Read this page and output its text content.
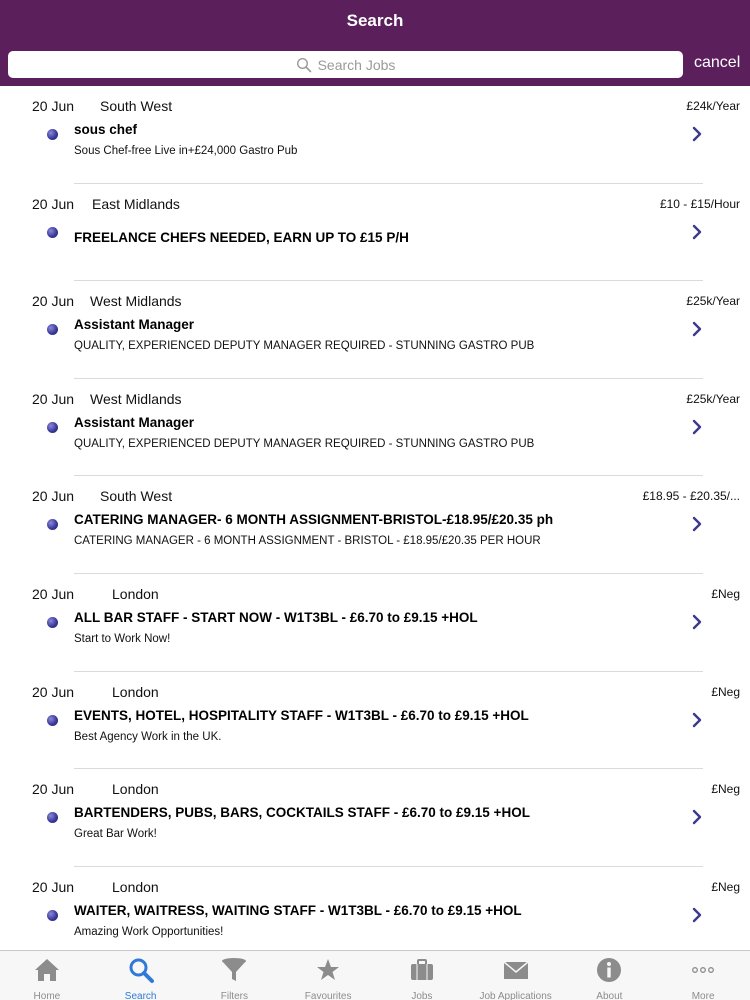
Search
Search Jobs	cancel
20 Jun South West	£24k/Year
sous chef
Sous Chef-free Live in+£24,000 Gastro Pub
20 Jun East Midlands	£10 - £15/Hour
FREELANCE CHEFS NEEDED, EARN UP TO £15 P/H
20 Jun West Midlands	£25k/Year
Assistant Manager
QUALITY, EXPERIENCED DEPUTY MANAGER REQUIRED - STUNNING GASTRO PUB
20 Jun West Midlands	£25k/Year
Assistant Manager
QUALITY, EXPERIENCED DEPUTY MANAGER REQUIRED - STUNNING GASTRO PUB
20 Jun South West	£18.95 - £20.35/...
CATERING MANAGER- 6 MONTH ASSIGNMENT-BRISTOL-£18.95/£20.35 ph
CATERING MANAGER - 6 MONTH ASSIGNMENT - BRISTOL - £18.95/£20.35 PER HOUR
20 Jun	London	£Neg
ALL BAR STAFF - START NOW - W1T3BL - £6.70 to £9.15 +HOL
Start to Work Now!
20 Jun	London	£Neg
EVENTS, HOTEL, HOSPITALITY STAFF - W1T3BL - £6.70 to £9.15 +HOL
Best Agency Work in the UK.
20 Jun	London	£Neg
BARTENDERS, PUBS, BARS, COCKTAILS STAFF - £6.70 to £9.15 +HOL
Great Bar Work!
20 Jun	London	£Neg
WAITER, WAITRESS, WAITING STAFF - W1T3BL - £6.70 to £9.15 +HOL
Amazing Work Opportunities!
Home	Search	Filters	Favourites	Jobs	Job Applications	About	More
